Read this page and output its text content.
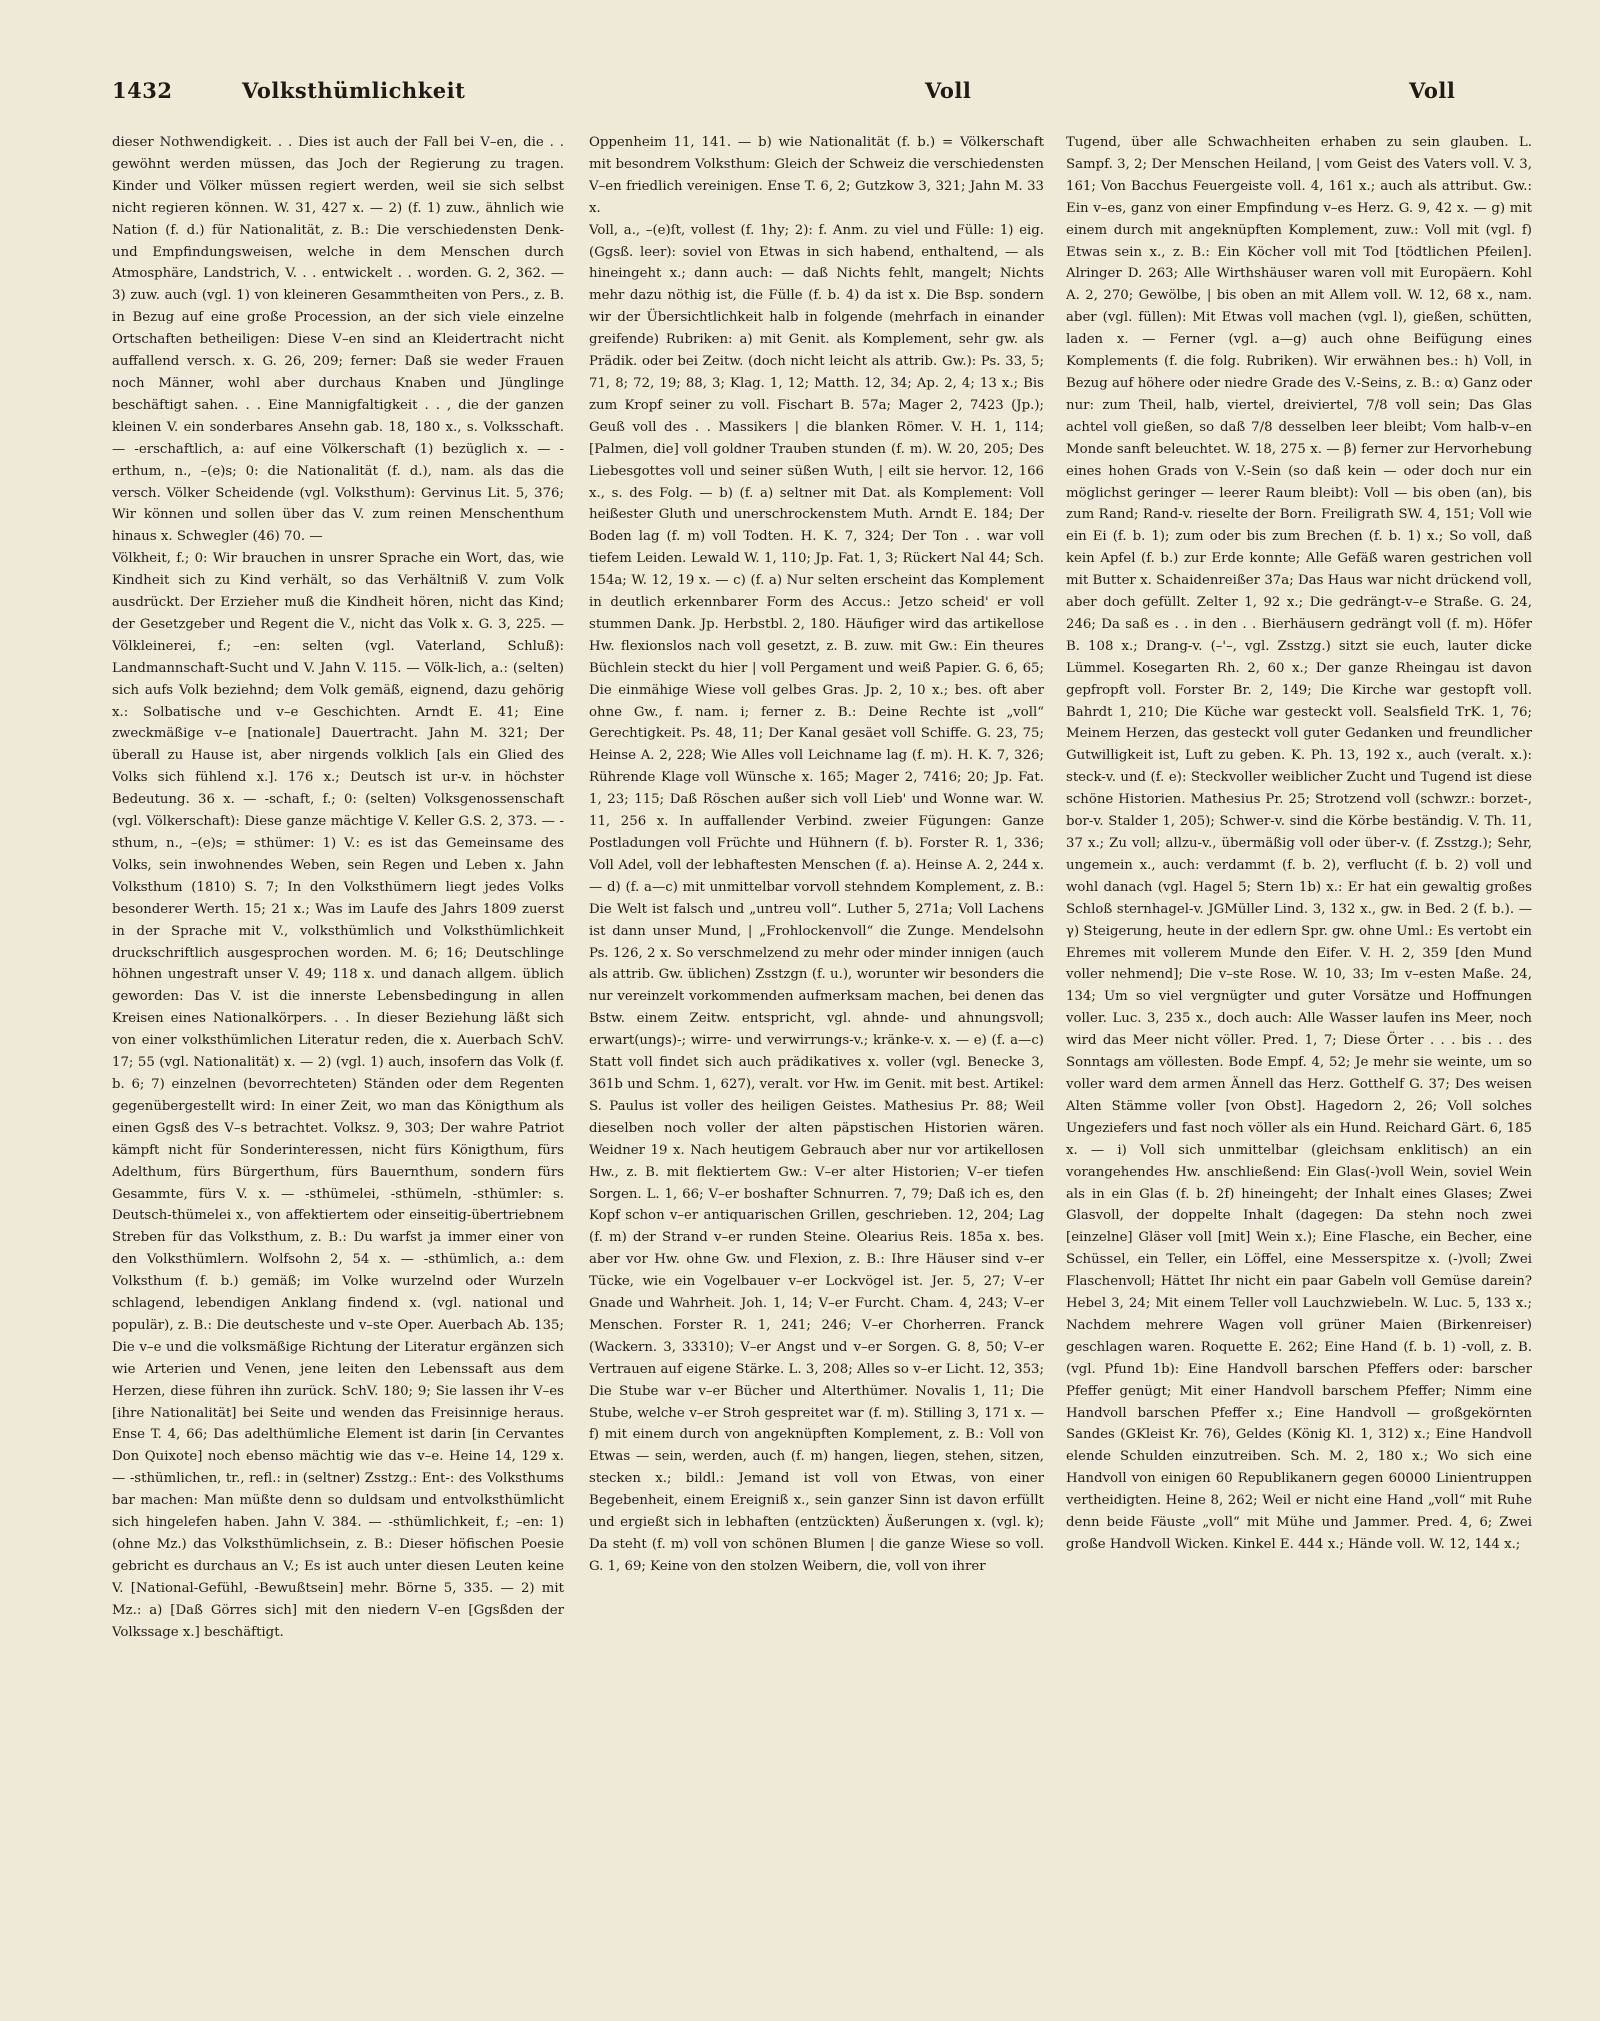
1432	Volksthümlichkeit	Voll	Voll

dieser Nothwendigkeit. . . Dies ist auch der Fall bei V–en, die . . gewöhnt werden müssen, das Joch der Regierung zu tragen. Kinder und Völker müssen regiert werden, weil sie sich selbst nicht regieren können. W. 31, 427 x. — 2) (f. 1) zuw., ähnlich wie Nation (f. d.) für Nationalität, z. B.: Die verschiedensten Denk- und Empfindungsweisen, welche in dem Menschen durch Atmosphäre, Landstrich, V. . . entwickelt . . worden. G. 2, 362. — 3) zuw. auch (vgl. 1) von kleineren Gesammtheiten von Pers., z. B. in Bezug auf eine große Procession, an der sich viele einzelne Ortschaften betheiligen: Diese V–en sind an Kleidertracht nicht auffallend versch. x. G. 26, 209; ferner: Daß sie weder Frauen noch Männer, wohl aber durchaus Knaben und Jünglinge beschäftigt sahen. . . Eine Mannigfaltigkeit . . , die der ganzen kleinen V. ein sonderbares Ansehn gab. 18, 180 x., s. Volksschaft. — -erschaftlich, a: auf eine Völkerschaft (1) bezüglich x. — -erthum, n., –(e)s; 0: die Nationalität (f. d.), nam. als das die versch. Völker Scheidende (vgl. Volksthum): Gervinus Lit. 5, 376; Wir können und sollen über das V. zum reinen Menschenthum hinaus x. Schwegler (46) 70. —

Völkheit, f.; 0: Wir brauchen in unsrer Sprache ein Wort, das, wie Kindheit sich zu Kind verhält, so das Verhältniß V. zum Volk ausdrückt. Der Erzieher muß die Kindheit hören, nicht das Kind; der Gesetzgeber und Regent die V., nicht das Volk x. G. 3, 225. — Völkleinerei, f.; –en: selten (vgl. Vaterland, Schluß): Landmannschaft-Sucht und V. Jahn V. 115. — Völk-lich, a.: (selten) sich aufs Volk beziehnd; dem Volk gemäß, eignend, dazu gehörig x.: Solbatische und v–e Geschichten. Arndt E. 41; Eine zweckmäßige v–e [nationale] Dauertracht. Jahn M. 321; Der überall zu Hause ist, aber nirgends volklich [als ein Glied des Volks sich fühlend x.]. 176 x.; Deutsch ist ur-v. in höchster Bedeutung. 36 x. — -schaft, f.; 0: (selten) Volksgenossenschaft (vgl. Völkerschaft): Diese ganze mächtige V. Keller G.S. 2, 373. — -sthum, n., –(e)s; = sthümer: 1) V.: es ist das Gemeinsame des Volks, sein inwohnendes Weben, sein Regen und Leben x. Jahn Volksthum (1810) S. 7; In den Volksthümern liegt jedes Volks besonderer Werth. 15; 21 x.; Was im Laufe des Jahrs 1809 zuerst in der Sprache mit V., volksthümlich und Volksthümlichkeit druckschriftlich ausgesprochen worden. M. 6; 16; Deutschlinge höhnen ungestraft unser V. 49; 118 x. und danach allgem. üblich geworden: Das V. ist die innerste Lebensbedingung in allen Kreisen eines Nationalkörpers. . . In dieser Beziehung läßt sich von einer volksthümlichen Literatur reden, die x. Auerbach SchV. 17; 55 (vgl. Nationalität) x. — 2) (vgl. 1) auch, insofern das Volk (f. b. 6; 7) einzelnen (bevorrechteten) Ständen oder dem Regenten gegenübergestellt wird: In einer Zeit, wo man das Königthum als einen Ggsß des V–s betrachtet. Volksz. 9, 303; Der wahre Patriot kämpft nicht für Sonderinteressen, nicht fürs Königthum, fürs Adelthum, fürs Bürgerthum, fürs Bauernthum, sondern fürs Gesammte, fürs V. x. — -sthümelei, -sthümeln, -sthümler: s. Deutsch-thümelei x., von affektiertem oder einseitig-übertriebnem Streben für das Volksthum, z. B.: Du warfst ja immer einer von den Volksthümlern. Wolfsohn 2, 54 x. — -sthümlich, a.: dem Volksthum (f. b.) gemäß; im Volke wurzelnd oder Wurzeln schlagend, lebendigen Anklang findend x. (vgl. national und populär), z. B.: Die deutscheste und v–ste Oper. Auerbach Ab. 135; Die v–e und die volksmäßige Richtung der Literatur ergänzen sich wie Arterien und Venen, jene leiten den Lebenssaft aus dem Herzen, diese führen ihn zurück. SchV. 180; 9; Sie lassen ihr V–es [ihre Nationalität] bei Seite und wenden das Freisinnige heraus. Ense T. 4, 66; Das adelthümliche Element ist darin [in Cervantes Don Quixote] noch ebenso mächtig wie das v–e. Heine 14, 129 x. — -sthümlichen, tr., refl.: in (seltner) Zsstzg.: Ent-: des Volksthums bar machen: Man müßte denn so duldsam und entvolksthümlicht sich hingelefen haben. Jahn V. 384. — -sthümlichkeit, f.; –en: 1) (ohne Mz.) das Volksthümlichsein, z. B.: Dieser höfischen Poesie gebricht es durchaus an V.; Es ist auch unter diesen Leuten keine V. [National-Gefühl, -Bewußtsein] mehr. Börne 5, 335. — 2) mit Mz.: a) [Daß Görres sich] mit den niedern V–en [Ggsßden der Volkssage x.] beschäftigt.

Oppenheim 11, 141. — b) wie Nationalität (f. b.) = Völkerschaft mit besondrem Volksthum: Gleich der Schweiz die verschiedensten V–en friedlich vereinigen. Ense T. 6, 2; Gutzkow 3, 321; Jahn M. 33 x.

Voll, a., –(e)ſt, vollest (f. 1hy; 2): f. Anm. zu viel und Fülle: 1) eig. (Ggsß. leer): soviel von Etwas in sich habend, enthaltend, — als hineingeht x.; dann auch: — daß Nichts fehlt, mangelt; Nichts mehr dazu nöthig ist, die Fülle (f. b. 4) da ist x. Die Bsp. sondern wir der Übersichtlichkeit halb in folgende (mehrfach in einander greifende) Rubriken: a) mit Genit. als Komplement, sehr gw. als Prädik. oder bei Zeitw. (doch nicht leicht als attrib. Gw.): Ps. 33, 5; 71, 8; 72, 19; 88, 3; Klag. 1, 12; Matth. 12, 34; Ap. 2, 4; 13 x.; Bis zum Kropf seiner zu voll. Fischart B. 57a; Mager 2, 7423 (Jp.); Geuß voll des . . Massikers | die blanken Römer. V. H. 1, 114; [Palmen, die] voll goldner Trauben stunden (f. m). W. 20, 205; Des Liebesgottes voll und seiner süßen Wuth, | eilt sie hervor. 12, 166 x., s. des Folg. — b) (f. a) seltner mit Dat. als Komplement: Voll heißester Gluth und unerschrockenstem Muth. Arndt E. 184; Der Boden lag (f. m) voll Todten. H. K. 7, 324; Der Ton . . war voll tiefem Leiden. Lewald W. 1, 110; Jp. Fat. 1, 3; Rückert Nal 44; Sch. 154a; W. 12, 19 x. — c) (f. a) Nur selten erscheint das Komplement in deutlich erkennbarer Form des Accus.: Jetzo scheid' er voll stummen Dank. Jp. Herbstbl. 2, 180. Häufiger wird das artikellose Hw. flexionslos nach voll gesetzt, z. B. zuw. mit Gw.: Ein theures Büchlein steckt du hier | voll Pergament und weiß Papier. G. 6, 65; Die einmähige Wiese voll gelbes Gras. Jp. 2, 10 x.; bes. oft aber ohne Gw., f. nam. i; ferner z. B.: Deine Rechte ist „voll“ Gerechtigkeit. Ps. 48, 11; Der Kanal gesäet voll Schiffe. G. 23, 75; Heinse A. 2, 228; Wie Alles voll Leichname lag (f. m). H. K. 7, 326; Rührende Klage voll Wünsche x. 165; Mager 2, 7416; 20; Jp. Fat. 1, 23; 115; Daß Röschen außer sich voll Lieb' und Wonne war. W. 11, 256 x. In auffallender Verbind. zweier Fügungen: Ganze Postladungen voll Früchte und Hühnern (f. b). Forster R. 1, 336; Voll Adel, voll der lebhaftesten Menschen (f. a). Heinse A. 2, 244 x. — d) (f. a—c) mit unmittelbar vorvoll stehndem Komplement, z. B.: Die Welt ist falsch und „untreu voll“. Luther 5, 271a; Voll Lachens ist dann unser Mund, | „Frohlockenvoll“ die Zunge. Mendelsohn Ps. 126, 2 x. So verschmelzend zu mehr oder minder innigen (auch als attrib. Gw. üblichen) Zsstzgn (f. u.), worunter wir besonders die nur vereinzelt vorkommenden aufmerksam machen, bei denen das Bstw. einem Zeitw. entspricht, vgl. ahnde- und ahnungsvoll; erwart(ungs)-; wirre- und verwirrungs-v.; kränke-v. x. — e) (f. a—c) Statt voll findet sich auch prädikatives x. voller (vgl. Benecke 3, 361b und Schm. 1, 627), veralt. vor Hw. im Genit. mit best. Artikel: S. Paulus ist voller des heiligen Geistes. Mathesius Pr. 88; Weil dieselben noch voller der alten päpstischen Historien wären. Weidner 19 x. Nach heutigem Gebrauch aber nur vor artikellosen Hw., z. B. mit flektiertem Gw.: V–er alter Historien; V–er tiefen Sorgen. L. 1, 66; V–er boshafter Schnurren. 7, 79; Daß ich es, den Kopf schon v–er antiquarischen Grillen, geschrieben. 12, 204; Lag (f. m) der Strand v–er runden Steine. Olearius Reis. 185a x. bes. aber vor Hw. ohne Gw. und Flexion, z. B.: Ihre Häuser sind v–er Tücke, wie ein Vogelbauer v–er Lockvögel ist. Jer. 5, 27; V–er Gnade und Wahrheit. Joh. 1, 14; V–er Furcht. Cham. 4, 243; V–er Menschen. Forster R. 1, 241; 246; V–er Chorherren. Franck (Wackern. 3, 33310); V–er Angst und v–er Sorgen. G. 8, 50; V–er Vertrauen auf eigene Stärke. L. 3, 208; Alles so v–er Licht. 12, 353; Die Stube war v–er Bücher und Alterthümer. Novalis 1, 11; Die Stube, welche v–er Stroh gespreitet war (f. m). Stilling 3, 171 x. — f) mit einem durch von angeknüpften Komplement, z. B.: Voll von Etwas — sein, werden, auch (f. m) hangen, liegen, stehen, sitzen, stecken x.; bildl.: Jemand ist voll von Etwas, von einer Begebenheit, einem Ereigniß x., sein ganzer Sinn ist davon erfüllt und ergießt sich in lebhaften (entzückten) Äußerungen x. (vgl. k); Da steht (f. m) voll von schönen Blumen | die ganze Wiese so voll. G. 1, 69; Keine von den stolzen Weibern, die, voll von ihrer

Tugend, über alle Schwachheiten erhaben zu sein glauben. L. Sampf. 3, 2; Der Menschen Heiland, | vom Geist des Vaters voll. V. 3, 161; Von Bacchus Feuergeiste voll. 4, 161 x.; auch als attribut. Gw.: Ein v–es, ganz von einer Empfindung v–es Herz. G. 9, 42 x. — g) mit einem durch mit angeknüpften Komplement, zuw.: Voll mit (vgl. f) Etwas sein x., z. B.: Ein Köcher voll mit Tod [tödtlichen Pfeilen]. Alringer D. 263; Alle Wirthshäuser waren voll mit Europäern. Kohl A. 2, 270; Gewölbe, | bis oben an mit Allem voll. W. 12, 68 x., nam. aber (vgl. füllen): Mit Etwas voll machen (vgl. l), gießen, schütten, laden x. — Ferner (vgl. a—g) auch ohne Beifügung eines Komplements (f. die folg. Rubriken). Wir erwähnen bes.: h) Voll, in Bezug auf höhere oder niedre Grade des V.-Seins, z. B.: α) Ganz oder nur: zum Theil, halb, viertel, dreiviertel, 7/8 voll sein; Das Glas achtel voll gießen, so daß 7/8 desselben leer bleibt; Vom halb-v–en Monde sanft beleuchtet. W. 18, 275 x. — β) ferner zur Hervorhebung eines hohen Grads von V.-Sein (so daß kein — oder doch nur ein möglichst geringer — leerer Raum bleibt): Voll — bis oben (an), bis zum Rand; Rand-v. rieselte der Born. Freiligrath SW. 4, 151; Voll wie ein Ei (f. b. 1); zum oder bis zum Brechen (f. b. 1) x.; So voll, daß kein Apfel (f. b.) zur Erde konnte; Alle Gefäß waren gestrichen voll mit Butter x. Schaidenreißer 37a; Das Haus war nicht drückend voll, aber doch gefüllt. Zelter 1, 92 x.; Die gedrängt-v–e Straße. G. 24, 246; Da saß es . . in den . . Bierhäusern gedrängt voll (f. m). Höfer B. 108 x.; Drang-v. (–'–, vgl. Zsstzg.) sitzt sie euch, lauter dicke Lümmel. Kosegarten Rh. 2, 60 x.; Der ganze Rheingau ist davon gepfropft voll. Forster Br. 2, 149; Die Kirche war gestopft voll. Bahrdt 1, 210; Die Küche war gesteckt voll. Sealsfield TrK. 1, 76; Meinem Herzen, das gesteckt voll guter Gedanken und freundlicher Gutwilligkeit ist, Luft zu geben. K. Ph. 13, 192 x., auch (veralt. x.): steck-v. und (f. e): Steckvoller weiblicher Zucht und Tugend ist diese schöne Historien. Mathesius Pr. 25; Strotzend voll (schwzr.: borzet-, bor-v. Stalder 1, 205); Schwer-v. sind die Körbe beständig. V. Th. 11, 37 x.; Zu voll; allzu-v., übermäßig voll oder über-v. (f. Zsstzg.); Sehr, ungemein x., auch: verdammt (f. b. 2), verflucht (f. b. 2) voll und wohl danach (vgl. Hagel 5; Stern 1b) x.: Er hat ein gewaltig großes Schloß sternhagel-v. JGMüller Lind. 3, 132 x., gw. in Bed. 2 (f. b.). — γ) Steigerung, heute in der edlern Spr. gw. ohne Uml.: Es vertobt ein Ehremes mit vollerem Munde den Eifer. V. H. 2, 359 [den Mund voller nehmend]; Die v–ste Rose. W. 10, 33; Im v–esten Maße. 24, 134; Um so viel vergnügter und guter Vorsätze und Hoffnungen voller. Luc. 3, 235 x., doch auch: Alle Wasser laufen ins Meer, noch wird das Meer nicht völler. Pred. 1, 7; Diese Örter . . . bis . . des Sonntags am völlesten. Bode Empf. 4, 52; Je mehr sie weinte, um so voller ward dem armen Ännell das Herz. Gotthelf G. 37; Des weisen Alten Stämme voller [von Obst]. Hagedorn 2, 26; Voll solches Ungeziefers und fast noch völler als ein Hund. Reichard Gärt. 6, 185 x. — i) Voll sich unmittelbar (gleichsam enklitisch) an ein vorangehendes Hw. anschließend: Ein Glas(-)voll Wein, soviel Wein als in ein Glas (f. b. 2f) hineingeht; der Inhalt eines Glases; Zwei Glasvoll, der doppelte Inhalt (dagegen: Da stehn noch zwei [einzelne] Gläser voll [mit] Wein x.); Eine Flasche, ein Becher, eine Schüssel, ein Teller, ein Löffel, eine Messerspitze x. (-)voll; Zwei Flaschenvoll; Hättet Ihr nicht ein paar Gabeln voll Gemüse darein? Hebel 3, 24; Mit einem Teller voll Lauchzwiebeln. W. Luc. 5, 133 x.; Nachdem mehrere Wagen voll grüner Maien (Birkenreiser) geschlagen waren. Roquette E. 262; Eine Hand (f. b. 1) -voll, z. B. (vgl. Pfund 1b): Eine Handvoll barschen Pfeffers oder: barscher Pfeffer genügt; Mit einer Handvoll barschem Pfeffer; Nimm eine Handvoll barschen Pfeffer x.; Eine Handvoll — großgekörnten Sandes (GKleist Kr. 76), Geldes (König Kl. 1, 312) x.; Eine Handvoll elende Schulden einzutreiben. Sch. M. 2, 180 x.; Wo sich eine Handvoll von einigen 60 Republikanern gegen 60000 Linientruppen vertheidigten. Heine 8, 262; Weil er nicht eine Hand „voll“ mit Ruhe denn beide Fäuste „voll“ mit Mühe und Jammer. Pred. 4, 6; Zwei große Handvoll Wicken. Kinkel E. 444 x.; Hände voll. W. 12, 144 x.;
